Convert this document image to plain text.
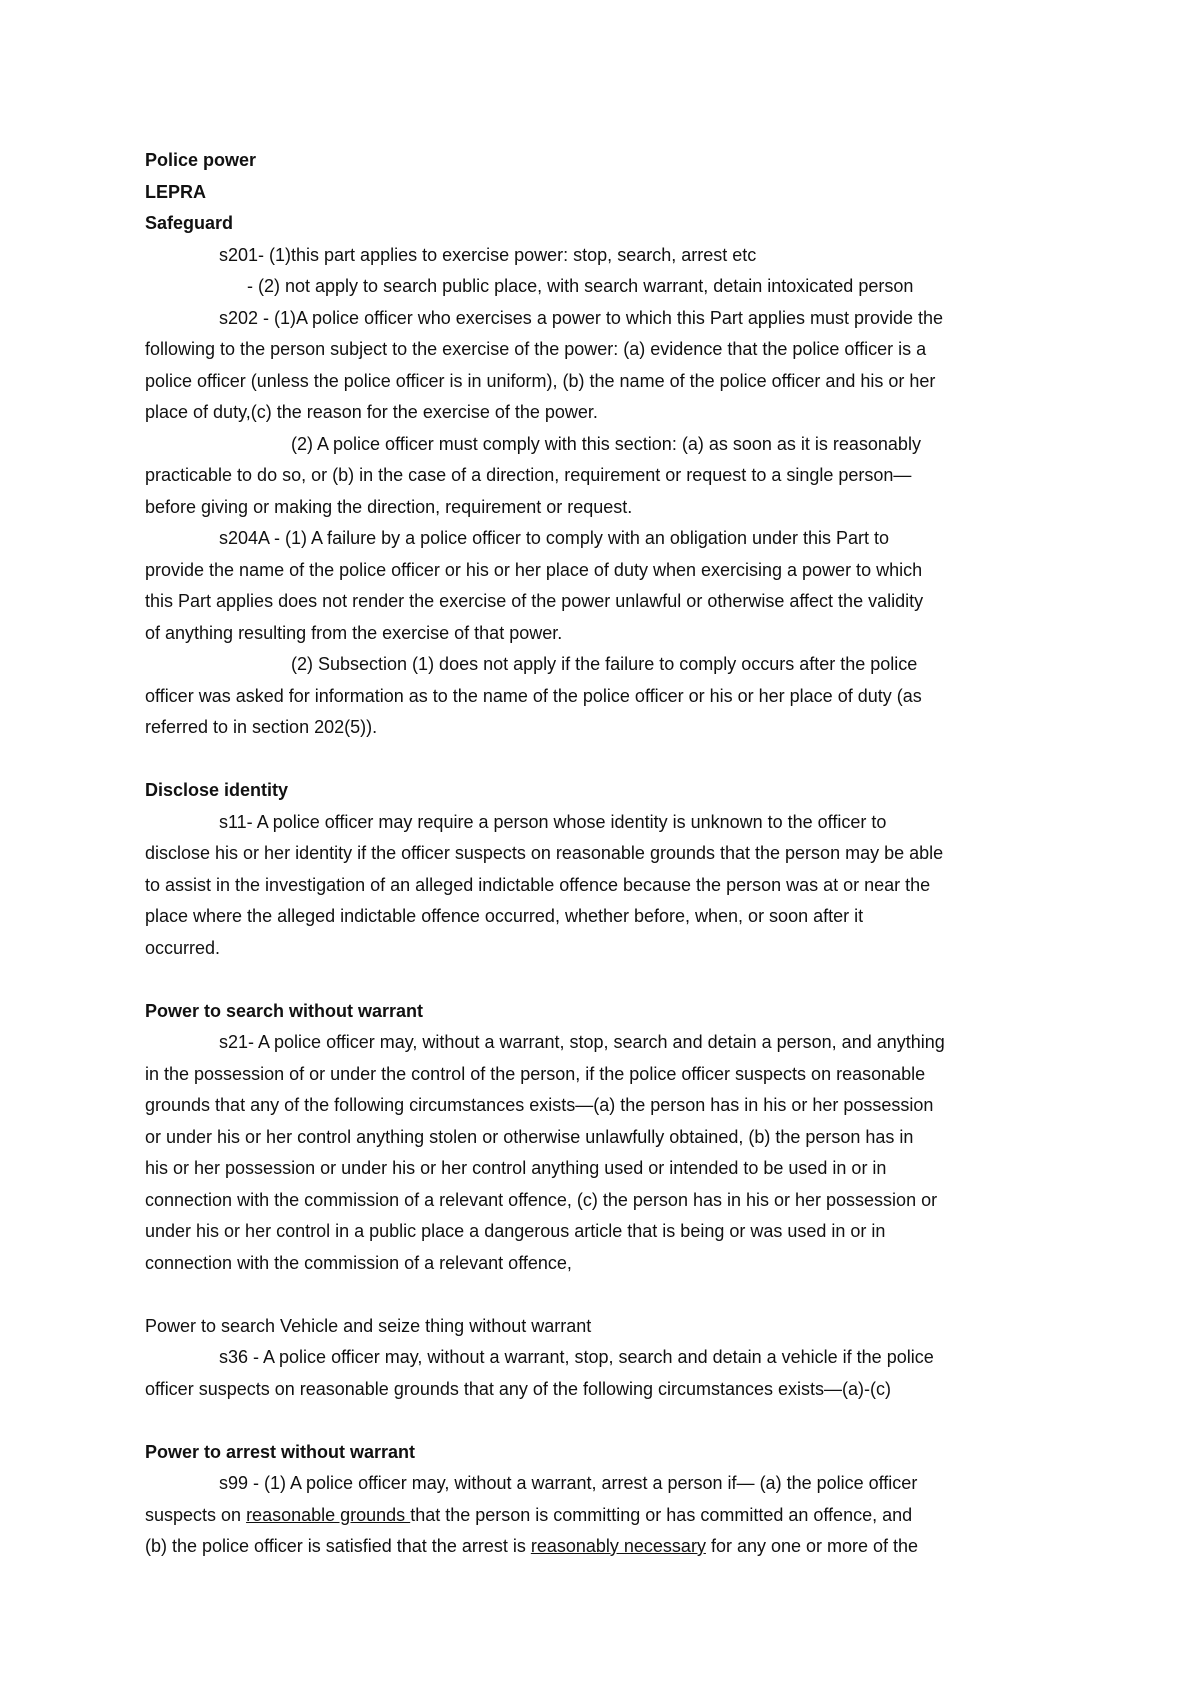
Police power

LEPRA

Safeguard

s201- (1)this part applies to exercise power: stop, search, arrest etc

- (2) not apply to search public place, with search warrant, detain intoxicated person

s202 - (1)A police officer who exercises a power to which this Part applies must provide the

following to the person subject to the exercise of the power: (a) evidence that the police officer is a

police officer (unless the police officer is in uniform), (b) the name of the police officer and his or her

place of duty,(c) the reason for the exercise of the power.

(2) A police officer must comply with this section: (a) as soon as it is reasonably

practicable to do so, or (b) in the case of a direction, requirement or request to a single person—

before giving or making the direction, requirement or request.

s204A - (1) A failure by a police officer to comply with an obligation under this Part to

provide the name of the police officer or his or her place of duty when exercising a power to which

this Part applies does not render the exercise of the power unlawful or otherwise affect the validity

of anything resulting from the exercise of that power.

(2) Subsection (1) does not apply if the failure to comply occurs after the police

officer was asked for information as to the name of the police officer or his or her place of duty (as

referred to in section 202(5)).

Disclose identity

s11- A police officer may require a person whose identity is unknown to the officer to

disclose his or her identity if the officer suspects on reasonable grounds that the person may be able

to assist in the investigation of an alleged indictable offence because the person was at or near the

place where the alleged indictable offence occurred, whether before, when, or soon after it

occurred.

Power to search without warrant

s21- A police officer may, without a warrant, stop, search and detain a person, and anything

in the possession of or under the control of the person, if the police officer suspects on reasonable

grounds that any of the following circumstances exists—(a) the person has in his or her possession

or under his or her control anything stolen or otherwise unlawfully obtained, (b) the person has in

his or her possession or under his or her control anything used or intended to be used in or in

connection with the commission of a relevant offence, (c) the person has in his or her possession or

under his or her control in a public place a dangerous article that is being or was used in or in

connection with the commission of a relevant offence,

Power to search Vehicle and seize thing without warrant

s36 - A police officer may, without a warrant, stop, search and detain a vehicle if the police

officer suspects on reasonable grounds that any of the following circumstances exists—(a)-(c)

Power to arrest without warrant

s99 - (1) A police officer may, without a warrant, arrest a person if— (a) the police officer

suspects on reasonable grounds that the person is committing or has committed an offence, and

(b) the police officer is satisfied that the arrest is reasonably necessary for any one or more of the
